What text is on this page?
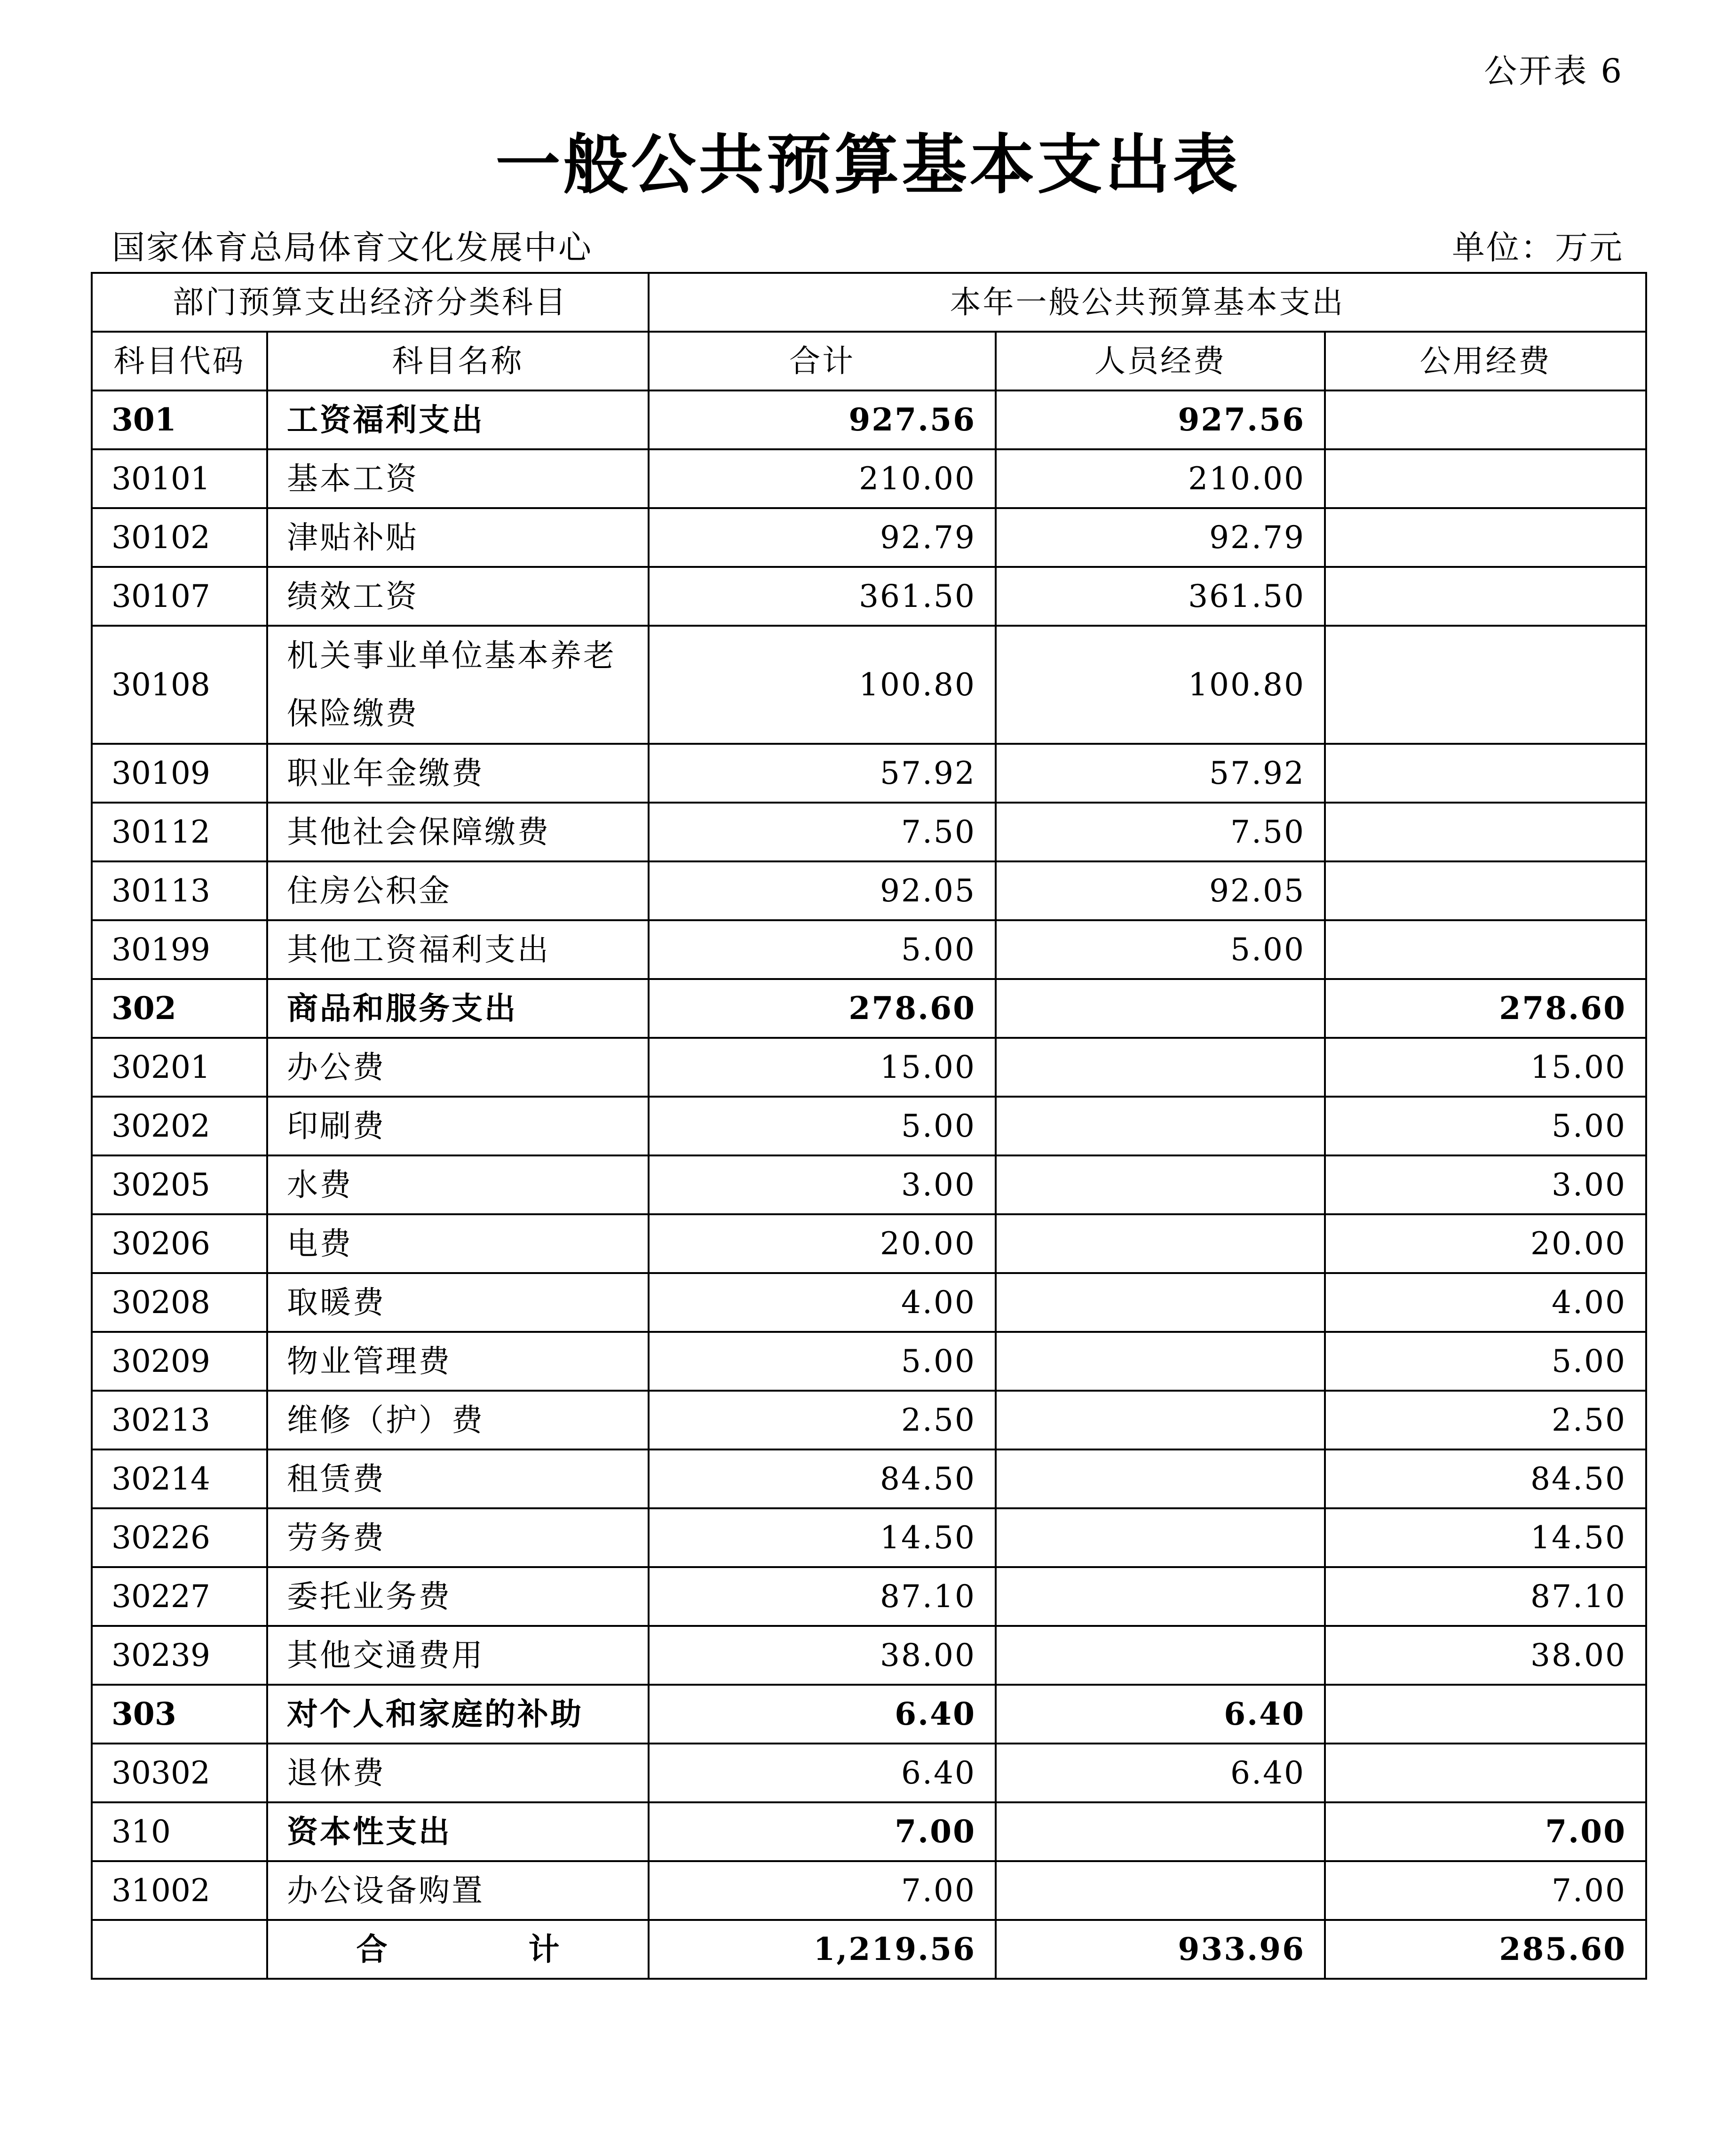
公开表 6
一般公共预算基本支出表
国家体育总局体育文化发展中心	单位：万元
部门预算支出经济分类科目		本年一般公共预算基本支出		
科目代码	科目名称	合计	人员经费	公用经费
301	工资福利支出	927.56	927.56	
30101	基本工资	210.00	210.00	
30102	津贴补贴	92.79	92.79	
30107	绩效工资	361.50	361.50	
30108	机关事业单位基本养老保险缴费	100.80	100.80	
30109	职业年金缴费	57.92	57.92	
30112	其他社会保障缴费	7.50	7.50	
30113	住房公积金	92.05	92.05	
30199	其他工资福利支出	5.00	5.00	
302	商品和服务支出	278.60		278.60
30201	办公费	15.00		15.00
30202	印刷费	5.00		5.00
30205	水费	3.00		3.00
30206	电费	20.00		20.00
30208	取暖费	4.00		4.00
30209	物业管理费	5.00		5.00
30213	维修（护）费	2.50		2.50
30214	租赁费	84.50		84.50
30226	劳务费	14.50		14.50
30227	委托业务费	87.10		87.10
30239	其他交通费用	38.00		38.00
303	对个人和家庭的补助	6.40	6.40	
30302	退休费	6.40	6.40	
310	资本性支出	7.00		7.00
31002	办公设备购置	7.00		7.00
	合计	1,219.56	933.96	285.60
